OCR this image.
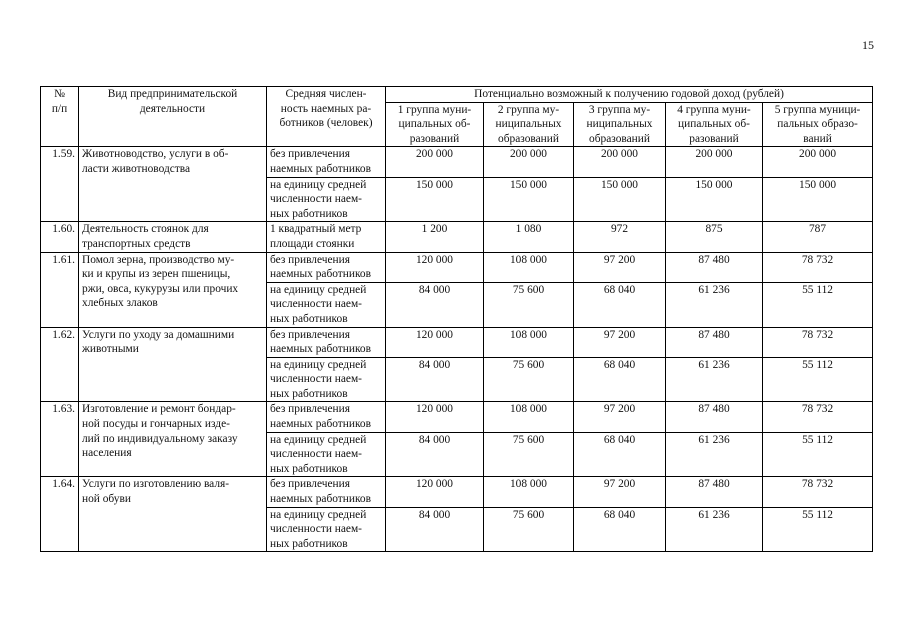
15
№
п/п	Вид предпринимательской
деятельности	Средняя числен-
ность наемных ра-
ботников (человек)	Потенциально возможный к получению годовой доход (рублей)				
			1 группа муни-
ципальных об-
разований	2 группа му-
ниципальных
образований	3 группа му-
ниципальных
образований	4 группа муни-
ципальных об-
разований	5 группа муници-
пальных образо-
ваний
1.59.	Животноводство, услуги в об-
ласти животноводства	без привлечения
наемных работников	200 000	200 000	200 000	200 000	200 000
		на единицу средней
численности наем-
ных работников	150 000	150 000	150 000	150 000	150 000
1.60.	Деятельность стоянок для
транспортных средств	1 квадратный метр
площади стоянки	1 200	1 080	972	875	787
1.61.	Помол зерна, производство му-
ки и крупы из зерен пшеницы,
ржи, овса, кукурузы или прочих
хлебных злаков	без привлечения
наемных работников	120 000	108 000	97 200	87 480	78 732
		на единицу средней
численности наем-
ных работников	84 000	75 600	68 040	61 236	55 112
1.62.	Услуги по уходу за домашними
животными	без привлечения
наемных работников	120 000	108 000	97 200	87 480	78 732
		на единицу средней
численности наем-
ных работников	84 000	75 600	68 040	61 236	55 112
1.63.	Изготовление и ремонт бондар-
ной посуды и гончарных изде-
лий по индивидуальному заказу
населения	без привлечения
наемных работников	120 000	108 000	97 200	87 480	78 732
		на единицу средней
численности наем-
ных работников	84 000	75 600	68 040	61 236	55 112
1.64.	Услуги по изготовлению валя-
ной обуви	без привлечения
наемных работников	120 000	108 000	97 200	87 480	78 732
		на единицу средней
численности наем-
ных работников	84 000	75 600	68 040	61 236	55 112
